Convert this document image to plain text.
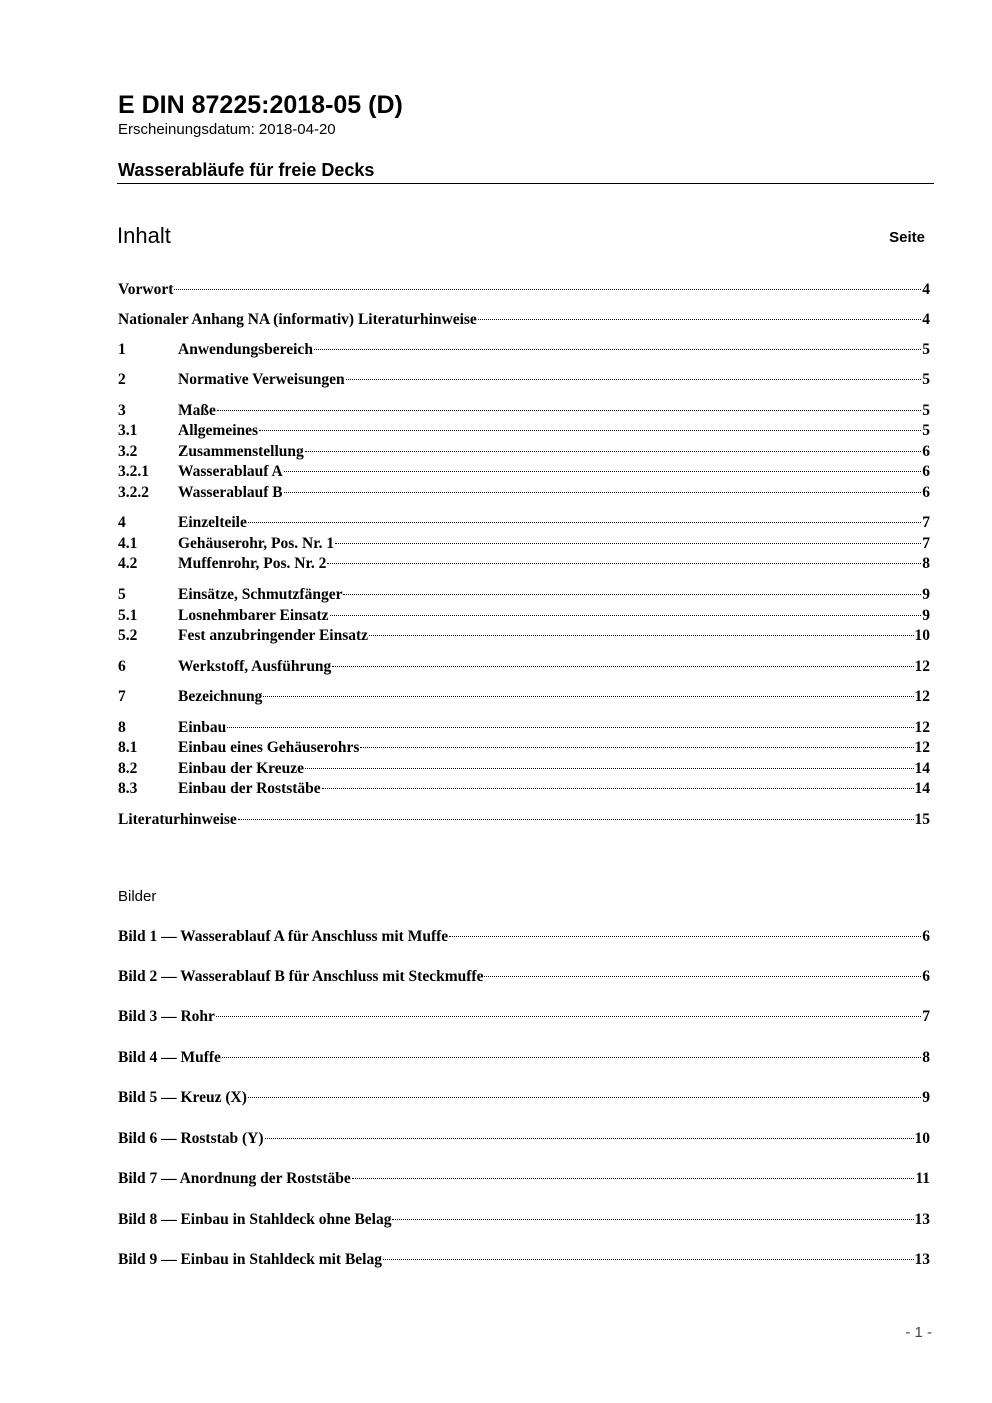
E DIN 87225:2018-05 (D)
Erscheinungsdatum: 2018-04-20
Wasserabläufe für freie Decks
Inhalt	Seite
Vorwort	4
Nationaler Anhang NA (informativ) Literaturhinweise	4
1	Anwendungsbereich	5
2	Normative Verweisungen	5
3	Maße	5
3.1	Allgemeines	5
3.2	Zusammenstellung	6
3.2.1	Wasserablauf A	6
3.2.2	Wasserablauf B	6
4	Einzelteile	7
4.1	Gehäuserohr, Pos. Nr. 1	7
4.2	Muffenrohr, Pos. Nr. 2	8
5	Einsätze, Schmutzfänger	9
5.1	Losnehmbarer Einsatz	9
5.2	Fest anzubringender Einsatz	10
6	Werkstoff, Ausführung	12
7	Bezeichnung	12
8	Einbau	12
8.1	Einbau eines Gehäuserohrs	12
8.2	Einbau der Kreuze	14
8.3	Einbau der Roststäbe	14
Literaturhinweise	15
Bilder
Bild 1 — Wasserablauf A für Anschluss mit Muffe	6
Bild 2 — Wasserablauf B für Anschluss mit Steckmuffe	6
Bild 3 — Rohr	7
Bild 4 — Muffe	8
Bild 5 — Kreuz (X)	9
Bild 6 — Roststab (Y)	10
Bild 7 — Anordnung der Roststäbe	11
Bild 8 — Einbau in Stahldeck ohne Belag	13
Bild 9 — Einbau in Stahldeck mit Belag	13
- 1 -
